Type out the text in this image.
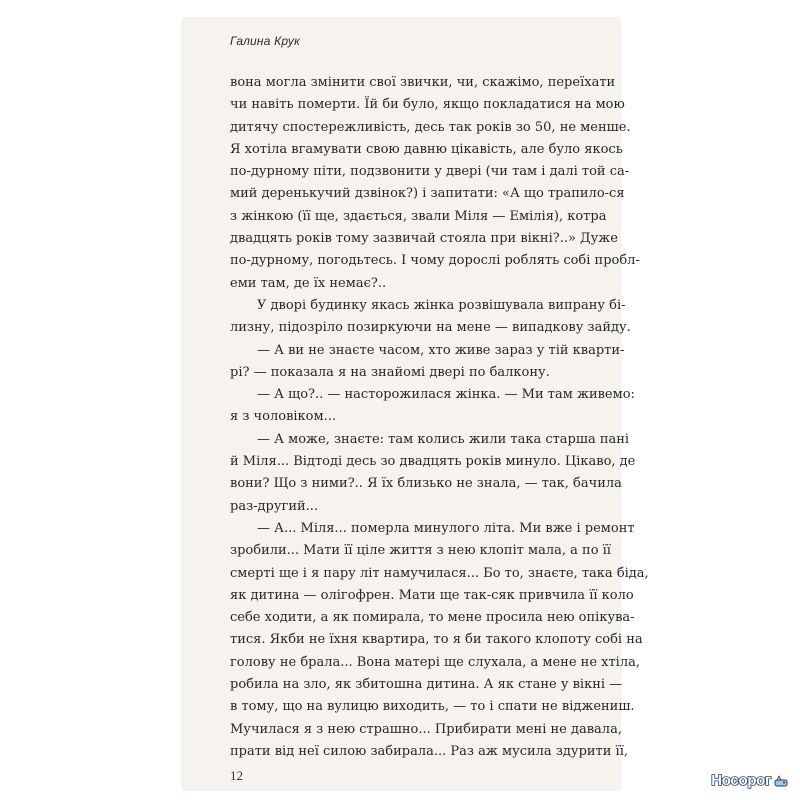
Галина Крук
вона могла змінити свої звички, чи, скажімо, переїхати
чи навіть померти. Їй би було, якщо покладатися на мою
дитячу спостережливість, десь так років зо 50, не менше.
Я хотіла вгамувати свою давню цікавість, але було якось
по-дурному піти, подзвонити у двері (чи там і далі той са-
мий деренькучий дзвінок?) і запитати: «А що трапило-ся
з жінкою (її ще, здається, звали Міля — Емілія), котра
двадцять років тому зазвичай стояла при вікні?..» Дуже
по-дурному, погодьтесь. І чому дорослі роблять собі пробл-
еми там, де їх немає?..
У дворі будинку якась жінка розвішувала випрану бі-
лизну, підозріло позиркуючи на мене — випадкову зайду.
— А ви не знаєте часом, хто живе зараз у тій кварти-
рі? — показала я на знайомі двері по балкону.
— А що?.. — насторожилася жінка. — Ми там живемо:
я з чоловіком...
— А може, знаєте: там колись жили така старша пані
й Міля... Відтоді десь зо двадцять років минуло. Цікаво, де
вони? Що з ними?.. Я їх близько не знала, — так, бачила
раз-другий...
— А... Міля... померла минулого літа. Ми вже і ремонт
зробили... Мати її ціле життя з нею клопіт мала, а по її
смерті ще і я пару літ намучилася... Бо то, знаєте, така біда,
як дитина — олігофрен. Мати ще так-сяк привчила її коло
себе ходити, а як помирала, то мене просила нею опікува-
тися. Якби не їхня квартира, то я би такого клопоту собі на
голову не брала... Вона матері ще слухала, а мене не хтіла,
робила на зло, як збитошна дитина. А як стане у вікні —
в тому, що на вулицю виходить, — то і спати не віджениш.
Мучилася я з нею страшно... Прибирати мені не давала,
прати від неї силою забирала... Раз аж мусила здурити її,
12	Носорог
